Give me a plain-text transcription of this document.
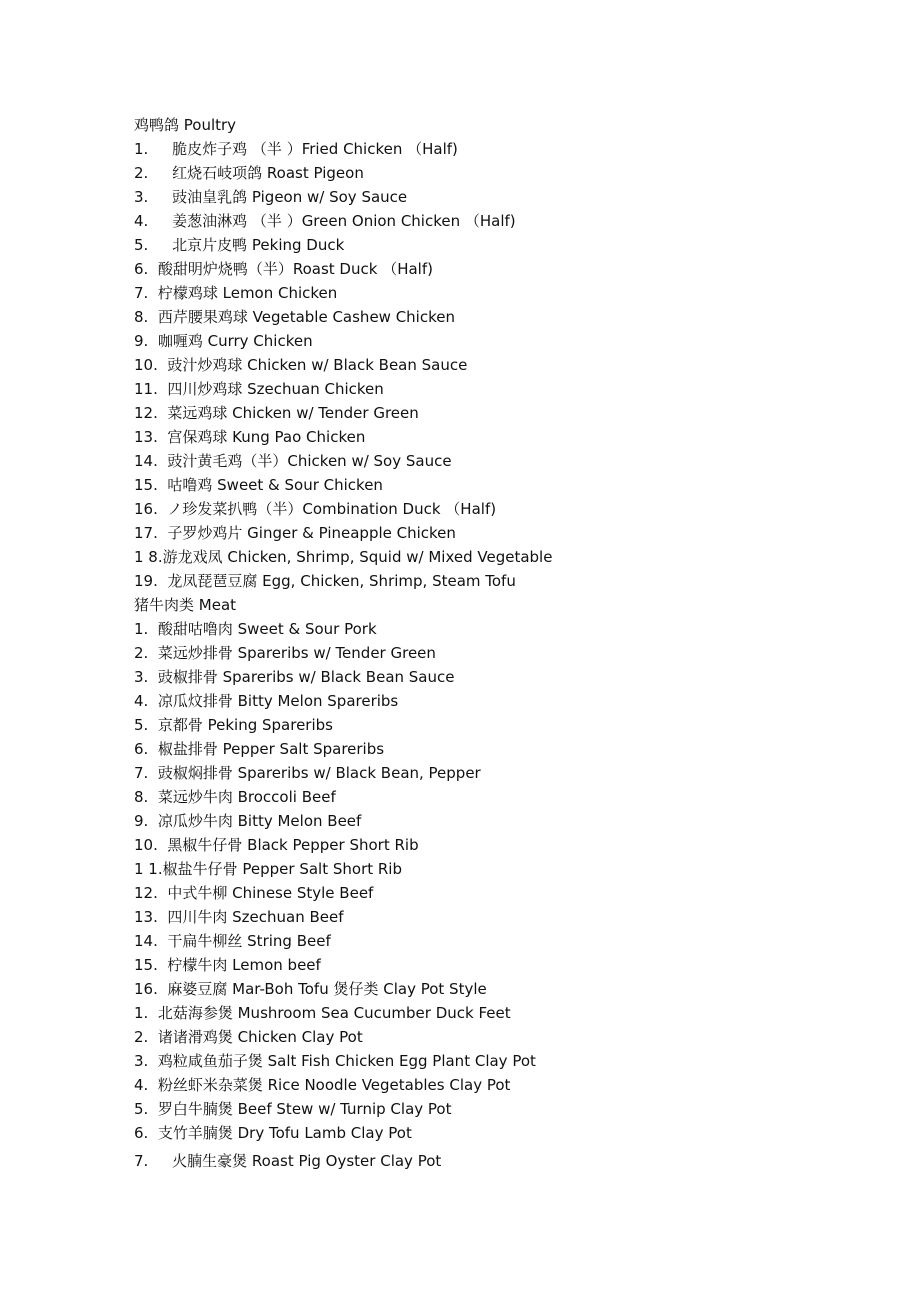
鸡鸭鸽 Poultry
1.     脆皮炸子鸡 （半 ）Fried Chicken （Half)
2.     红烧石岐项鸽 Roast Pigeon
3.     豉油皇乳鸽 Pigeon w/ Soy Sauce
4.     姜葱油淋鸡 （半 ）Green Onion Chicken （Half)
5.     北京片皮鸭 Peking Duck
6.  酸甜明炉烧鸭（半）Roast Duck （Half)
7.  柠檬鸡球 Lemon Chicken
8.  西芹腰果鸡球 Vegetable Cashew Chicken
9.  咖喱鸡 Curry Chicken
10.  豉汁炒鸡球 Chicken w/ Black Bean Sauce
11.  四川炒鸡球 Szechuan Chicken
12.  菜远鸡球 Chicken w/ Tender Green
13.  宫保鸡球 Kung Pao Chicken
14.  豉汁黄毛鸡（半）Chicken w/ Soy Sauce
15.  咕噜鸡 Sweet & Sour Chicken
16.  ノ珍发菜扒鸭（半）Combination Duck （Half)
17.  子罗炒鸡片 Ginger & Pineapple Chicken
1 8.游龙戏凤 Chicken, Shrimp, Squid w/ Mixed Vegetable
19.  龙凤琵琶豆腐 Egg, Chicken, Shrimp, Steam Tofu
猪牛肉类 Meat
1.  酸甜咕噜肉 Sweet & Sour Pork
2.  菜远炒排骨 Spareribs w/ Tender Green
3.  豉椒排骨 Spareribs w/ Black Bean Sauce
4.  凉瓜炆排骨 Bitty Melon Spareribs
5.  京都骨 Peking Spareribs
6.  椒盐排骨 Pepper Salt Spareribs
7.  豉椒焖排骨 Spareribs w/ Black Bean, Pepper
8.  菜远炒牛肉 Broccoli Beef
9.  凉瓜炒牛肉 Bitty Melon Beef
10.  黑椒牛仔骨 Black Pepper Short Rib
1 1.椒盐牛仔骨 Pepper Salt Short Rib
12.  中式牛柳 Chinese Style Beef
13.  四川牛肉 Szechuan Beef
14.  干扁牛柳丝 String Beef
15.  柠檬牛肉 Lemon beef
16.  麻婆豆腐 Mar-Boh Tofu 煲仔类 Clay Pot Style
1.  北菇海参煲 Mushroom Sea Cucumber Duck Feet
2.  诸诸滑鸡煲 Chicken Clay Pot
3.  鸡粒咸鱼茄子煲 Salt Fish Chicken Egg Plant Clay Pot
4.  粉丝虾米杂菜煲 Rice Noodle Vegetables Clay Pot
5.  罗白牛腩煲 Beef Stew w/ Turnip Clay Pot
6.  支竹羊腩煲 Dry Tofu Lamb Clay Pot
7.     火腩生豪煲 Roast Pig Oyster Clay Pot
